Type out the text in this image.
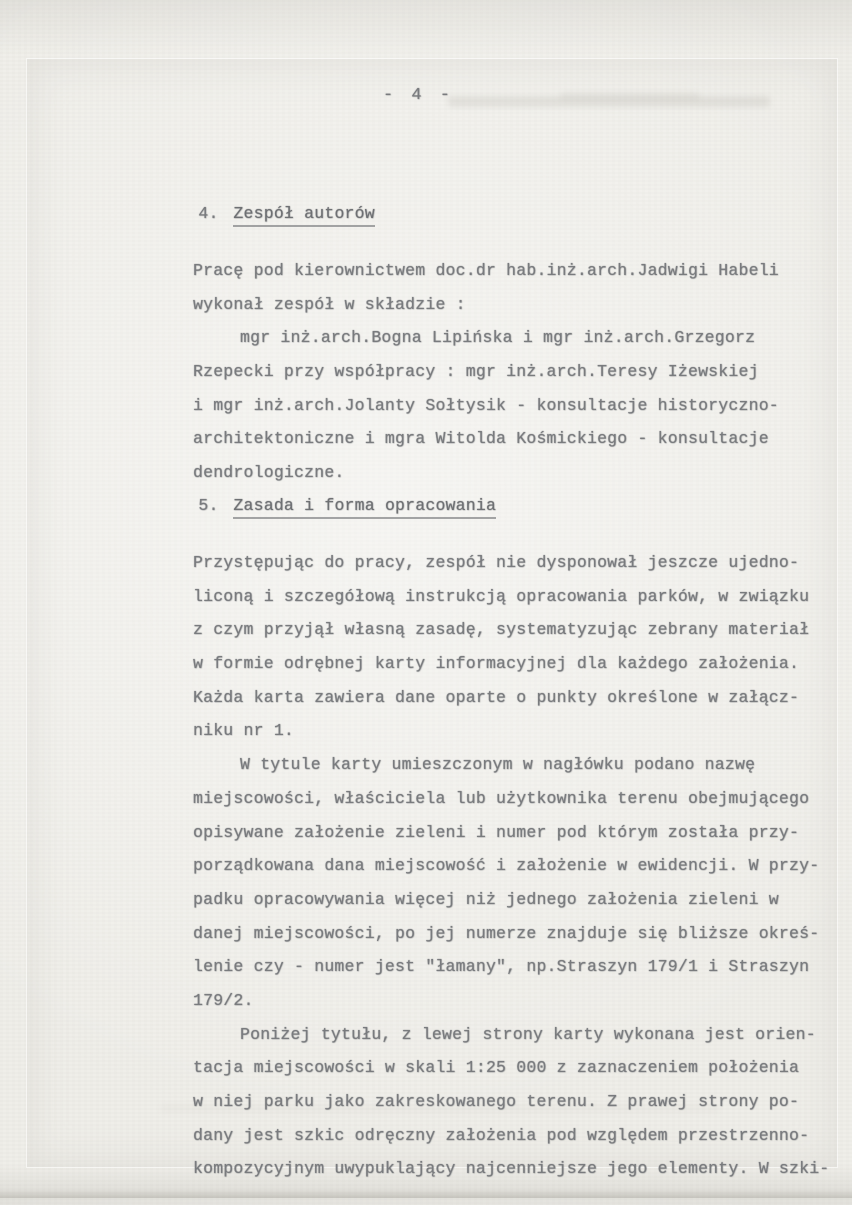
- 4 -

4. Zespół autorów

Pracę pod kierownictwem doc.dr hab.inż.arch.Jadwigi Habeli
wykonał zespół w składzie :
mgr inż.arch.Bogna Lipińska i mgr inż.arch.Grzegorz
Rzepecki przy współpracy : mgr inż.arch.Teresy Iżewskiej
i mgr inż.arch.Jolanty Sołtysik - konsultacje historyczno-
architektoniczne i mgra Witolda Kośmickiego - konsultacje
dendrologiczne.

5. Zasada i forma opracowania

Przystępując do pracy, zespół nie dysponował jeszcze ujedno-
liconą i szczegółową instrukcją opracowania parków, w związku
z czym przyjął własną zasadę, systematyzując zebrany materiał
w formie odrębnej karty informacyjnej dla każdego założenia.
Każda karta zawiera dane oparte o punkty określone w załącz-
niku nr 1.
W tytule karty umieszczonym w nagłówku podano nazwę
miejscowości, właściciela lub użytkownika terenu obejmującego
opisywane założenie zieleni i numer pod którym została przy-
porządkowana dana miejscowość i założenie w ewidencji. W przy-
padku opracowywania więcej niż jednego założenia zieleni w
danej miejscowości, po jej numerze znajduje się bliższe okreś-
lenie czy - numer jest "łamany", np.Straszyn 179/1 i Straszyn
179/2.
Poniżej tytułu, z lewej strony karty wykonana jest orien-
tacja miejscowości w skali 1:25 000 z zaznaczeniem położenia
w niej parku jako zakreskowanego terenu. Z prawej strony po-
dany jest szkic odręczny założenia pod względem przestrzenno-
kompozycyjnym uwypuklający najcenniejsze jego elementy. W szki-
